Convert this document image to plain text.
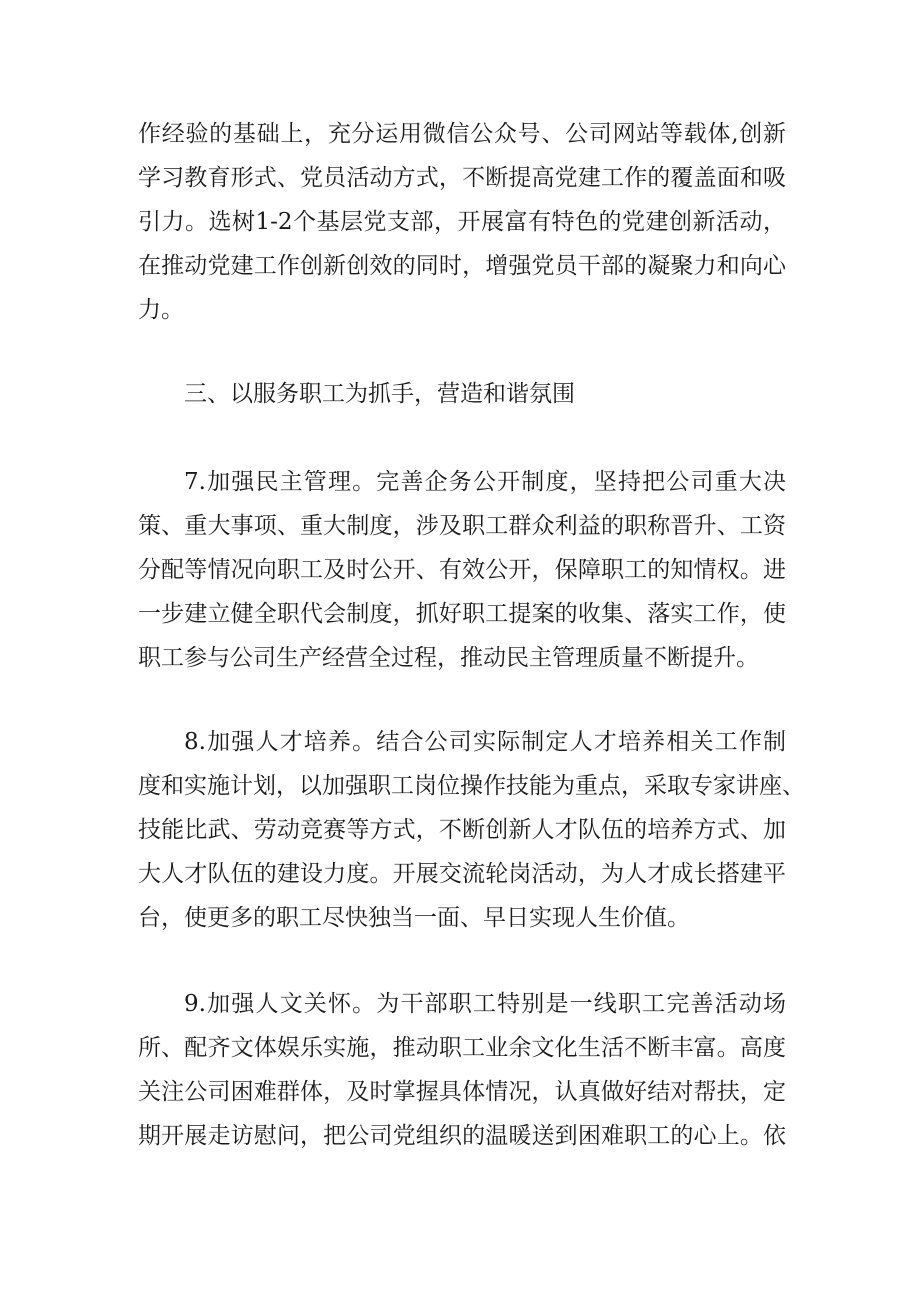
作经验的基础上，充分运用微信公众号、公司网站等载体,创新
学习教育形式、党员活动方式，不断提高党建工作的覆盖面和吸
引力。选树1-2个基层党支部，开展富有特色的党建创新活动，
在推动党建工作创新创效的同时，增强党员干部的凝聚力和向心
力。
三、以服务职工为抓手，营造和谐氛围
7.加强民主管理。完善企务公开制度，坚持把公司重大决
策、重大事项、重大制度，涉及职工群众利益的职称晋升、工资
分配等情况向职工及时公开、有效公开，保障职工的知情权。进
一步建立健全职代会制度，抓好职工提案的收集、落实工作，使
职工参与公司生产经营全过程，推动民主管理质量不断提升。
8.加强人才培养。结合公司实际制定人才培养相关工作制
度和实施计划，以加强职工岗位操作技能为重点，采取专家讲座、
技能比武、劳动竞赛等方式，不断创新人才队伍的培养方式、加
大人才队伍的建设力度。开展交流轮岗活动，为人才成长搭建平
台，使更多的职工尽快独当一面、早日实现人生价值。
9.加强人文关怀。为干部职工特别是一线职工完善活动场
所、配齐文体娱乐实施，推动职工业余文化生活不断丰富。高度
关注公司困难群体，及时掌握具体情况，认真做好结对帮扶，定
期开展走访慰问，把公司党组织的温暖送到困难职工的心上。依
